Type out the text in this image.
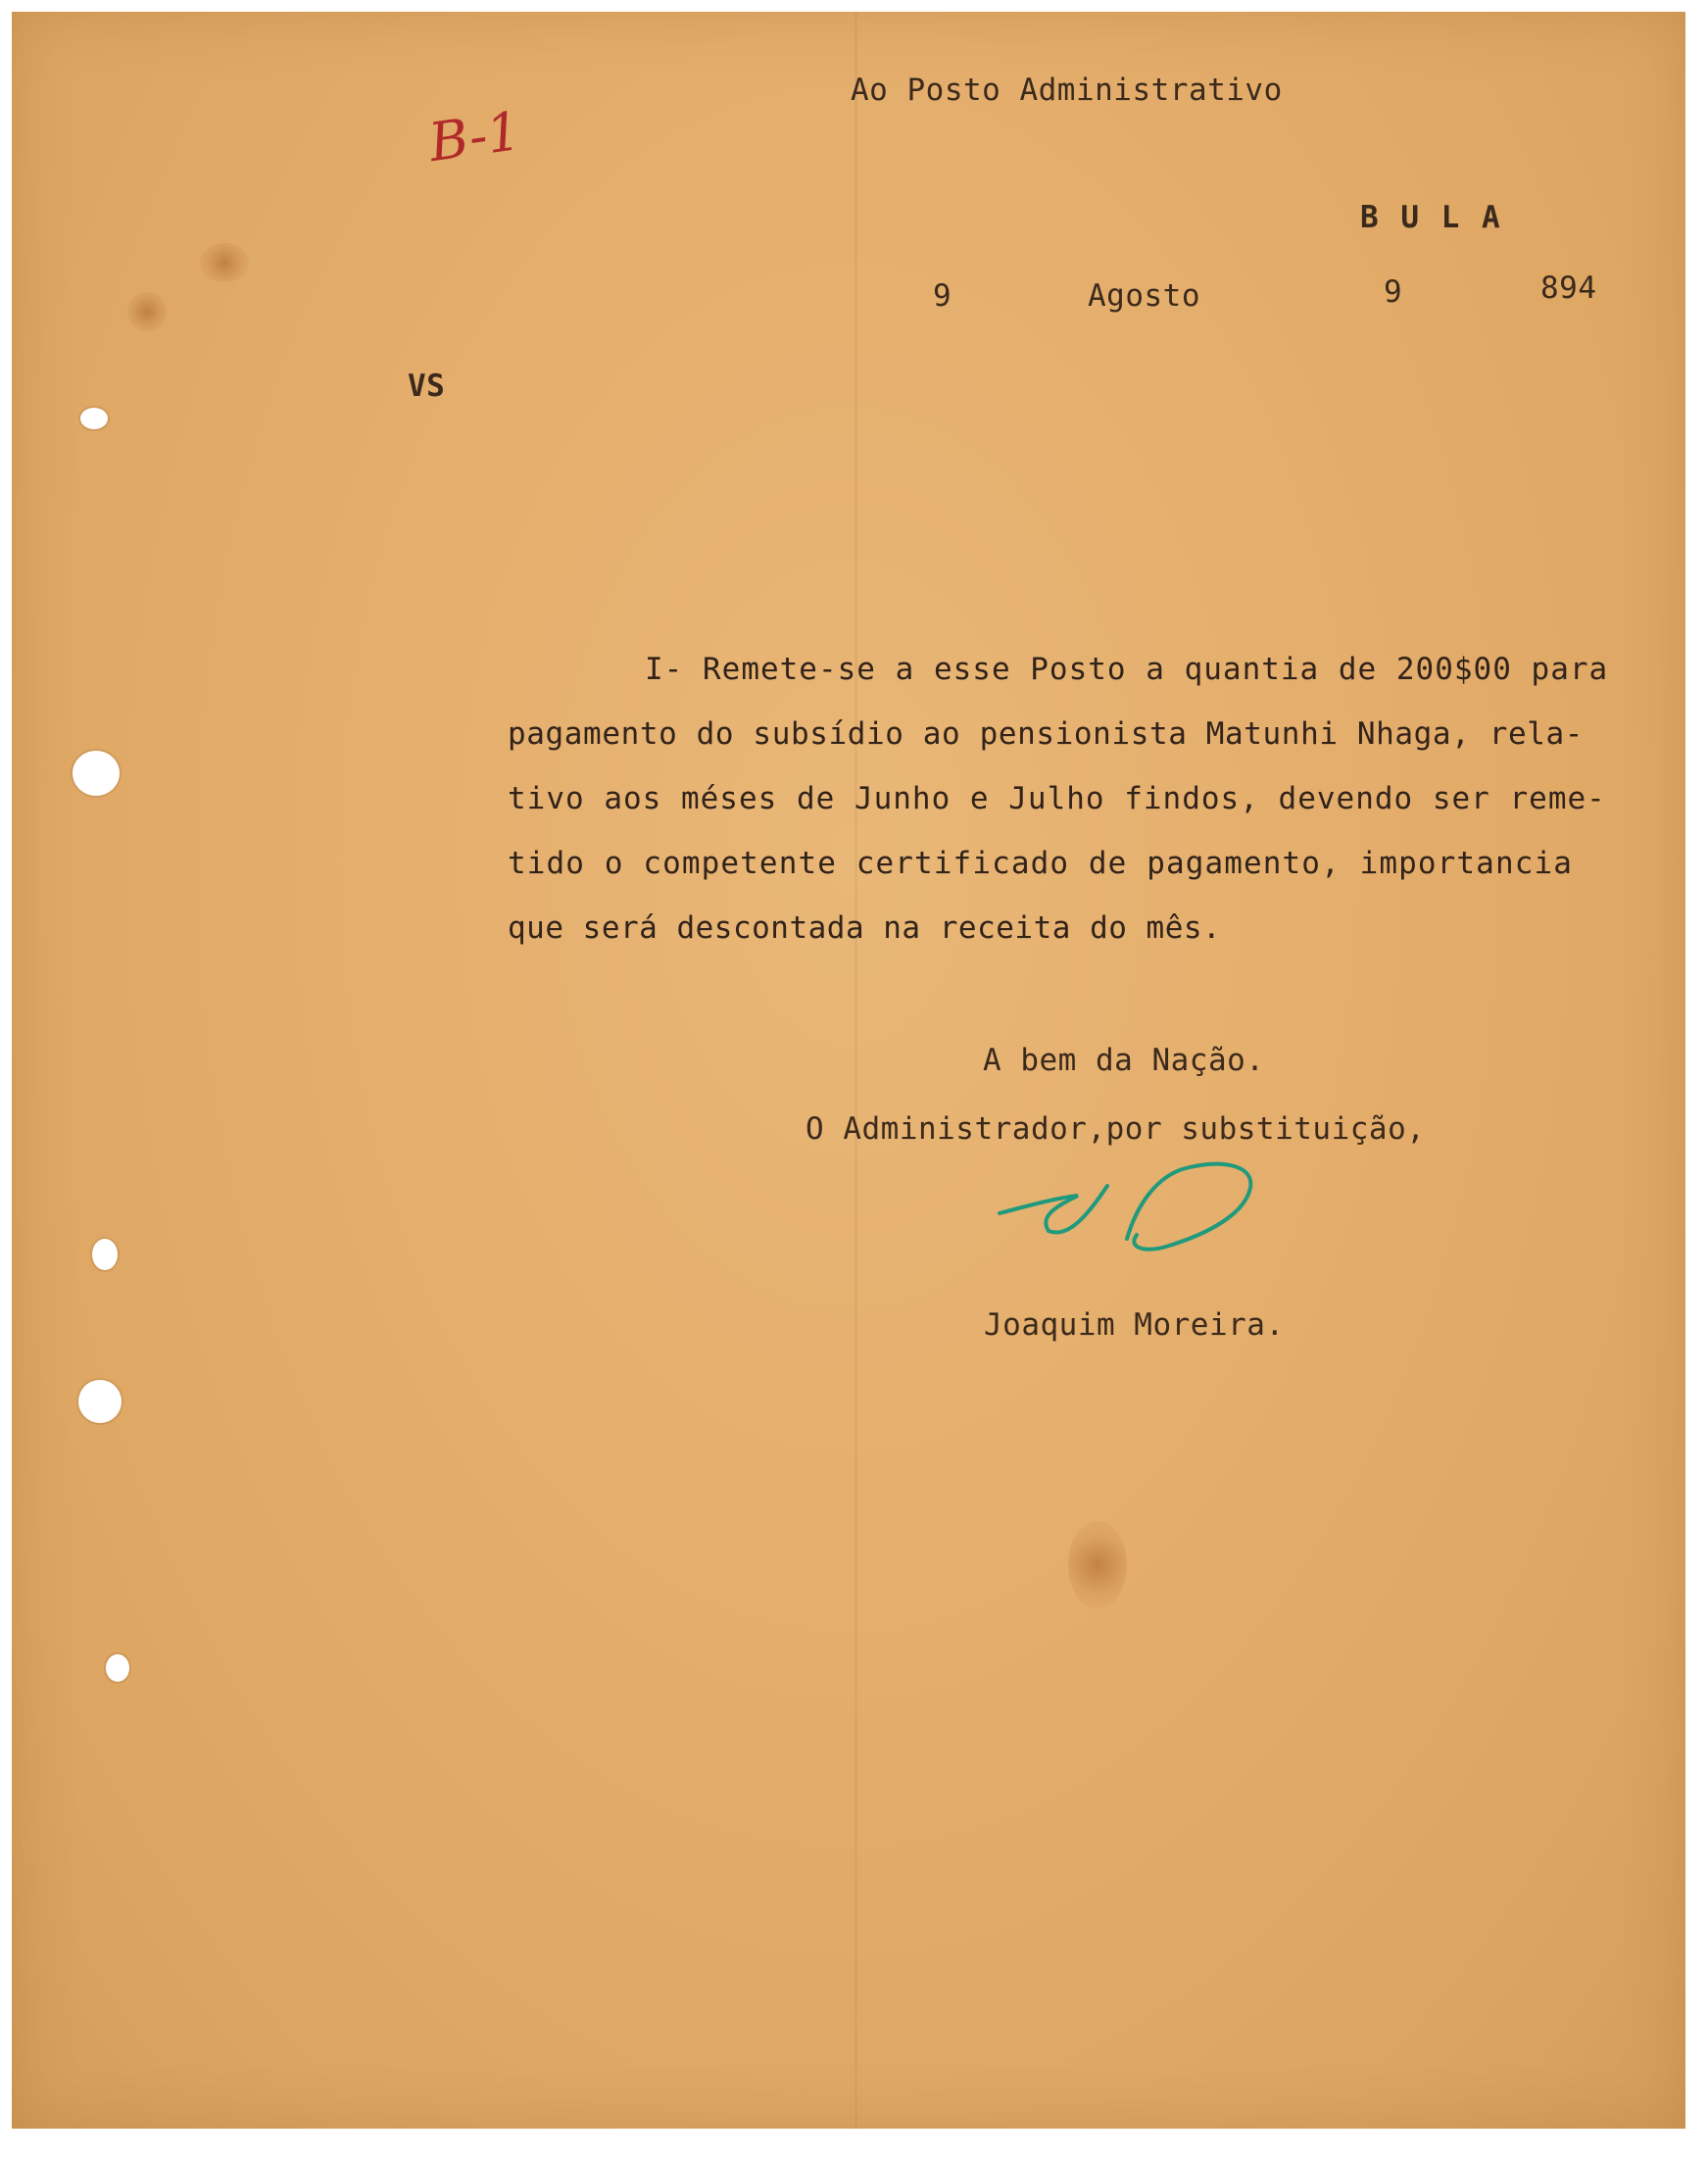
B-1
Ao Posto Administrativo
B U L A
9	Agosto	9	894
VS
I- Remete-se a esse Posto a quantia de 200$00 para
pagamento do subsídio ao pensionista Matunhi Nhaga, rela-
tivo aos méses de Junho e Julho findos, devendo ser reme-
tido o competente certificado de pagamento, importancia
que será descontada na receita do mês.
A bem da Nação.
O Administrador,por substituição,
Joaquim Moreira.
